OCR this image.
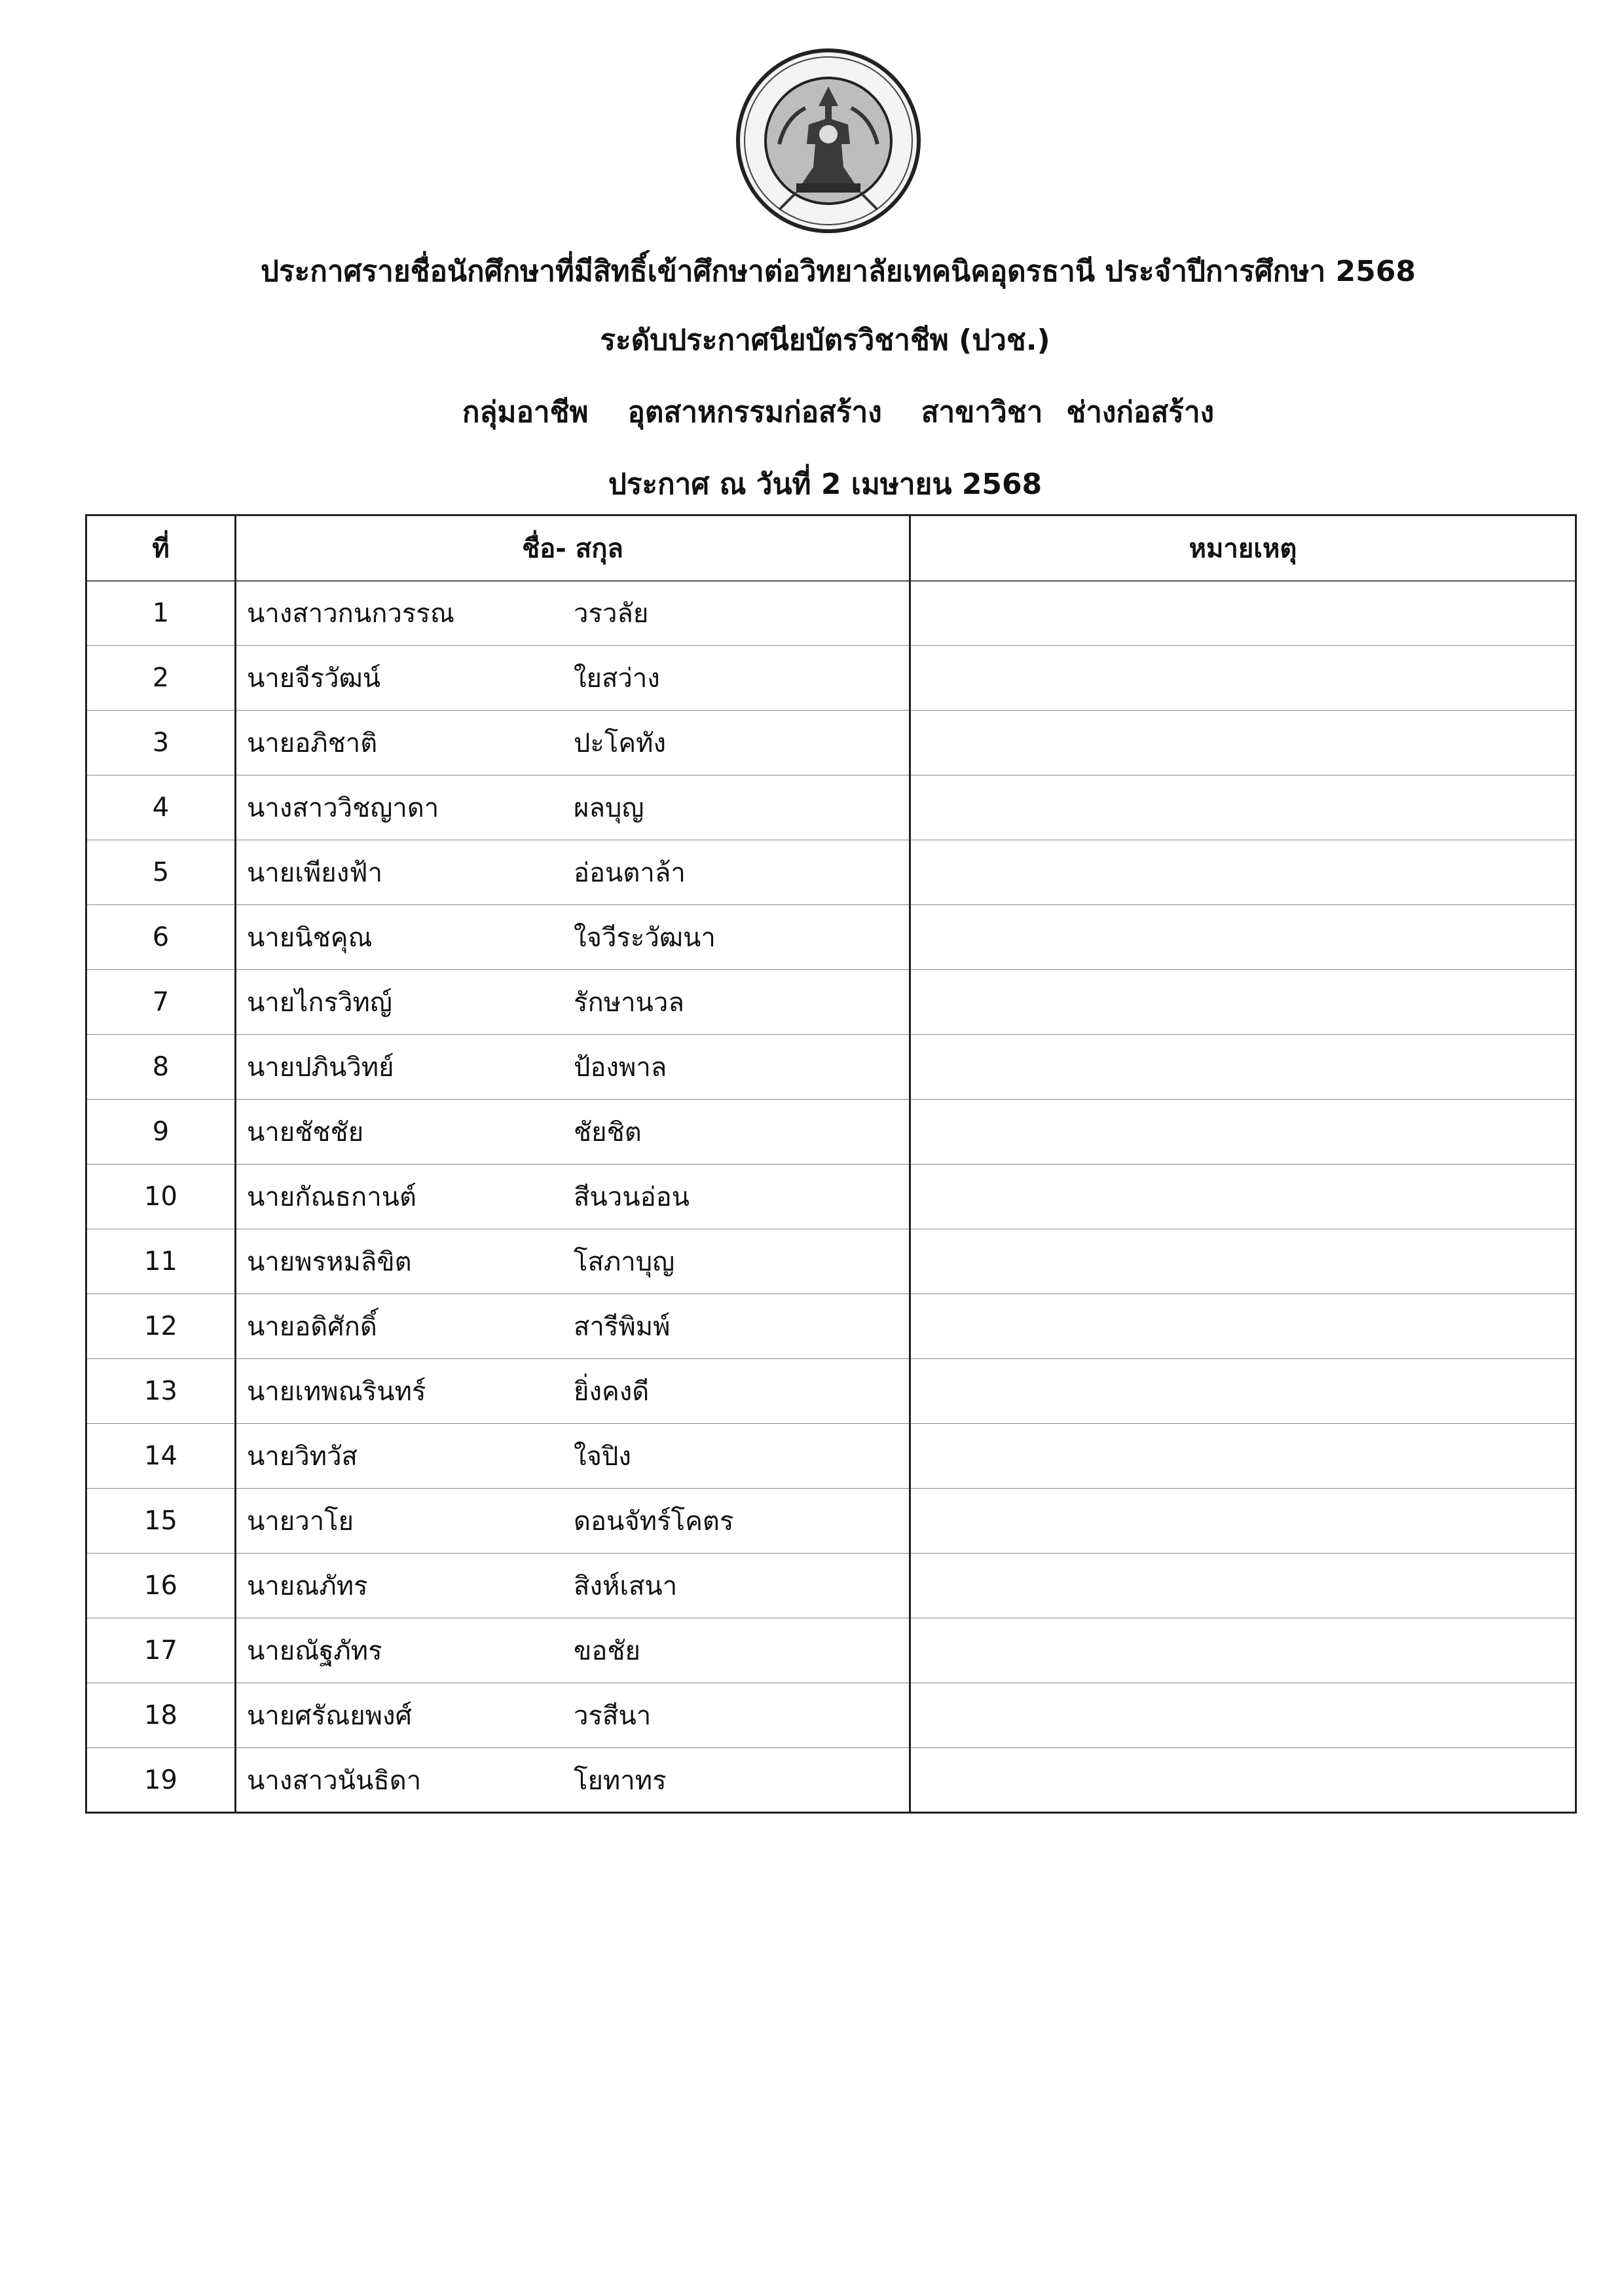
ประกาศรายชื่อนักศึกษาที่มีสิทธิ์เข้าศึกษาต่อวิทยาลัยเทคนิคอุดรธานี ประจำปีการศึกษา 2568
ระดับประกาศนียบัตรวิชาชีพ (ปวช.)
กลุ่มอาชีพ อุตสาหกรรมก่อสร้าง สาขาวิชา ช่างก่อสร้าง
ประกาศ ณ วันที่ 2 เมษายน 2568
ที่	ชื่อ- สกุล	หมายเหตุ
1	นางสาวกนกวรรณ วรวลัย	

2	นายจีรวัฒน์ ใยสว่าง	

3	นายอภิชาติ ปะโคทัง	

4	นางสาววิชญาดา ผลบุญ	

5	นายเพียงฟ้า อ่อนตาล้า	

6	นายนิชคุณ ใจวีระวัฒนา	

7	นายไกรวิทญ์ รักษานวล	

8	นายปภินวิทย์ ป้องพาล	

9	นายชัชชัย ชัยชิต	

10	นายกัณธกานต์ สีนวนอ่อน	

11	นายพรหมลิขิต โสภาบุญ	

12	นายอดิศักดิ์ สารีพิมพ์	

13	นายเทพณรินทร์ ยิ่งคงดี	

14	นายวิทวัส ใจปิง	

15	นายวาโย ดอนจัทร์โคตร	

16	นายณภัทร สิงห์เสนา	

17	นายณัฐภัทร ขอชัย	

18	นายศรัณยพงศ์ วรสีนา	

19	นางสาวนันธิดา โยทาทร	
